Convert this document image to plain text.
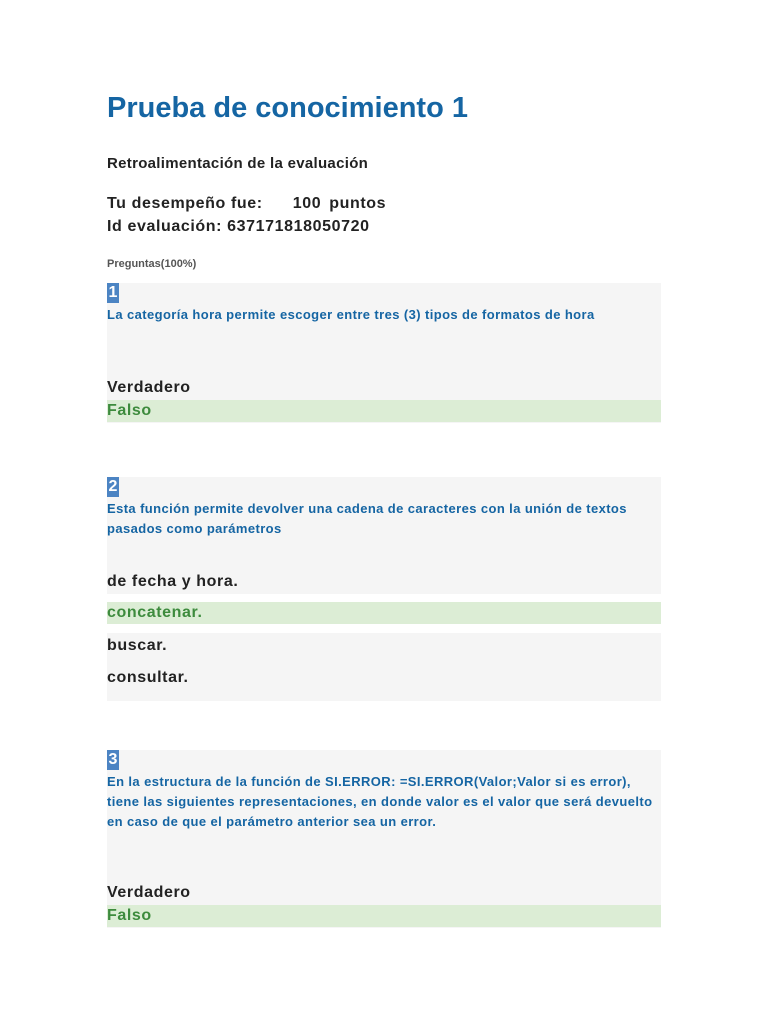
Prueba de conocimiento 1
Retroalimentación de la evaluación
Tu desempeño fue: 100 puntos
Id evaluación: 637171818050720
Preguntas(100%)
1
La categoría hora permite escoger entre tres (3) tipos de formatos de hora
Verdadero
Falso
2
Esta función permite devolver una cadena de caracteres con la unión de textos pasados como parámetros
de fecha y hora.
concatenar.
buscar.
consultar.
3
En la estructura de la función de SI.ERROR: =SI.ERROR(Valor;Valor si es error), tiene las siguientes representaciones, en donde valor es el valor que será devuelto en caso de que el parámetro anterior sea un error.
Verdadero
Falso
